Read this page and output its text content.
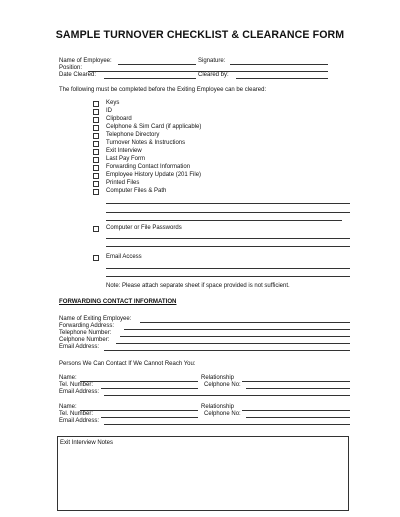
SAMPLE TURNOVER CHECKLIST & CLEARANCE FORM
Name of Employee:	Signature:
Position:
Date Cleared:	Cleared by:
The following must be completed before the Exiting Employee can be cleared:
Keys
ID
Clipboard
Celphone & Sim Card (if applicable)
Telephone Directory
Turnover Notes & Instructions
Exit Interview
Last Pay Form
Forwarding Contact Information
Employee History Update (201 File)
Printed Files
Computer Files & Path
Computer or File Passwords
Email Access
Note: Please attach separate sheet if space provided is not sufficient.
FORWARDING CONTACT INFORMATION
Name of Exiting Employee:
Forwarding Address:
Telephone Number:
Celphone Number:
Email Address:
Persons We Can Contact If We Cannot Reach You:
Name:	Relationship
Tel. Number:	Celphone No:
Email Address:
Name:	Relationship
Tel. Number:	Celphone No:
Email Address:
Exit Interview Notes
